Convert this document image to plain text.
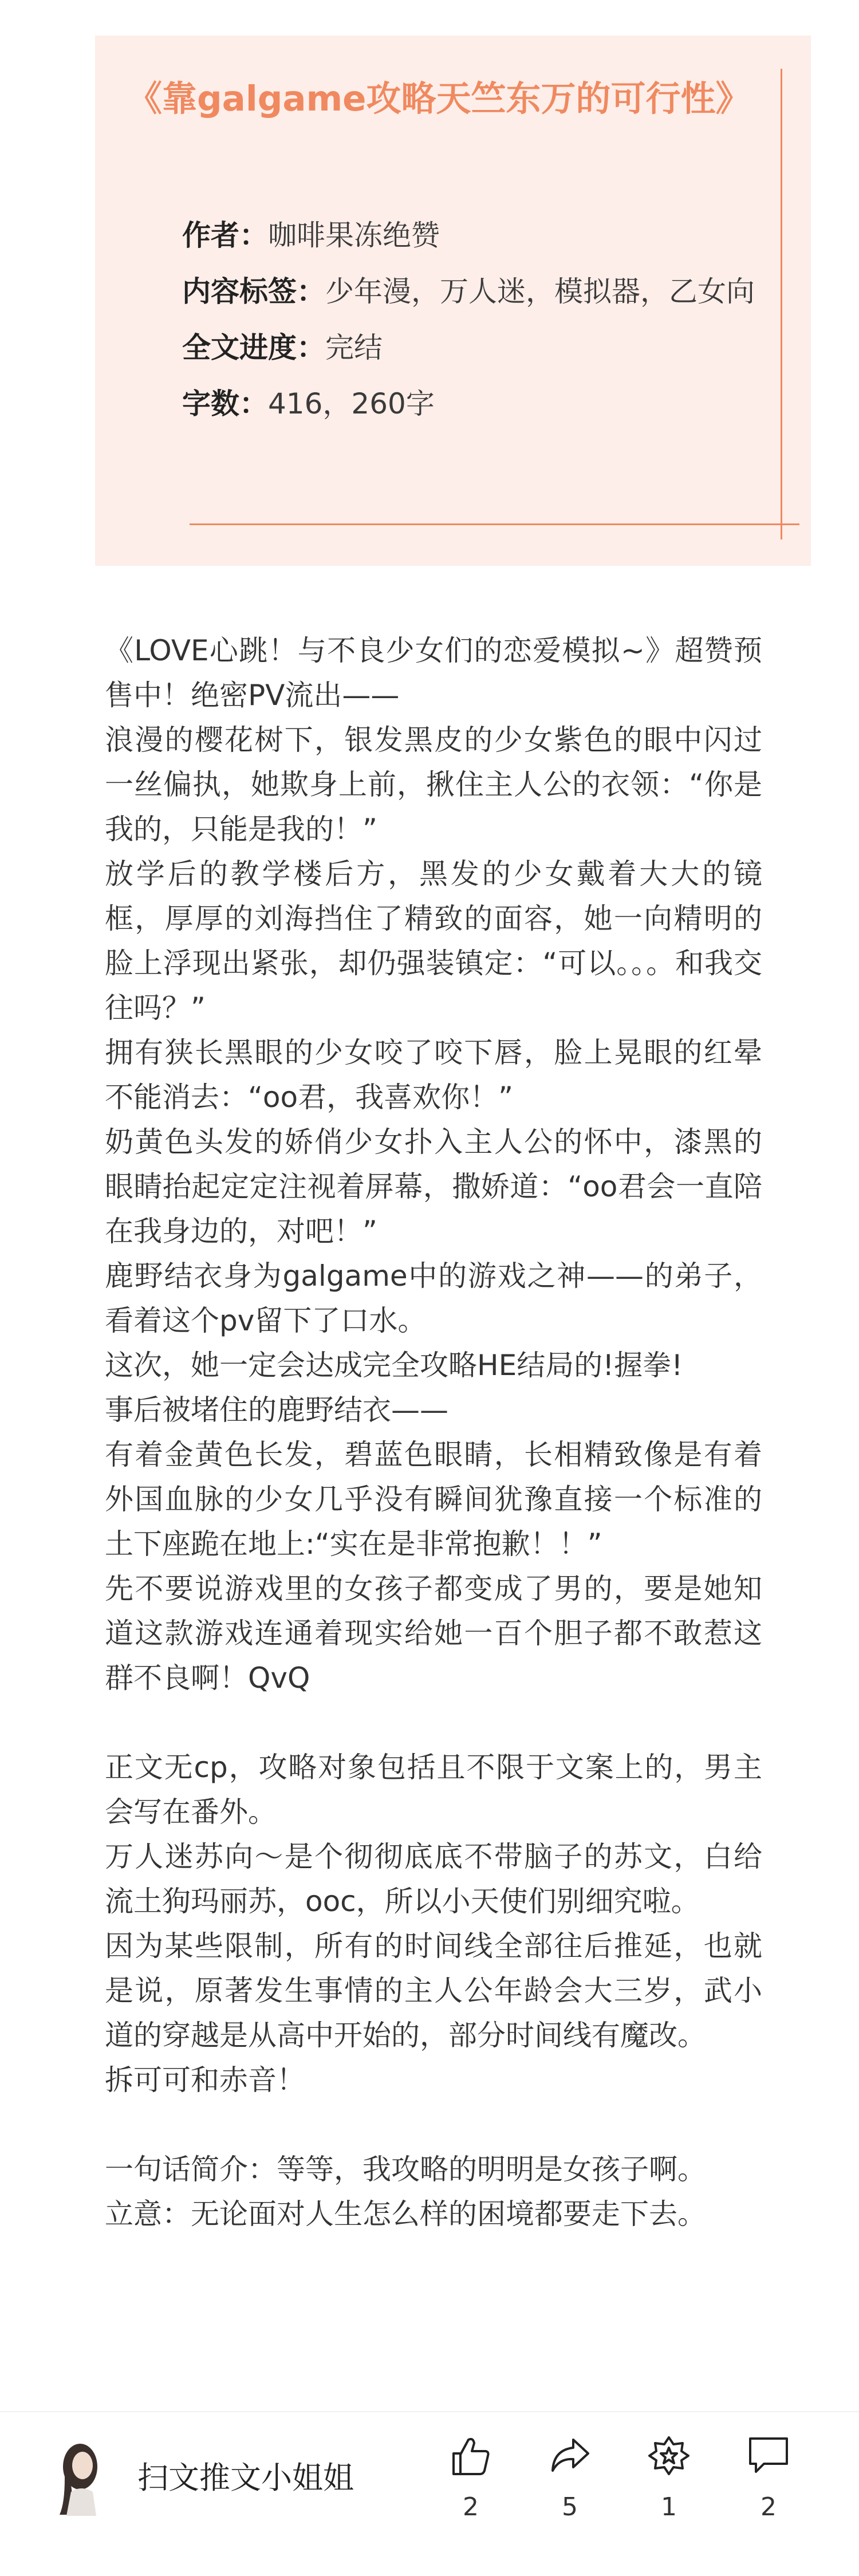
《靠galgame攻略天竺东万的可行性》
作者：咖啡果冻绝赞
内容标签：少年漫，万人迷，模拟器，乙女向
全文进度：完结
字数：416，260字

《LOVE心跳！与不良少女们的恋爱模拟~》超赞预售中！绝密PV流出——

浪漫的樱花树下，银发黑皮的少女紫色的眼中闪过一丝偏执，她欺身上前，揪住主人公的衣领：“你是我的，只能是我的！”

放学后的教学楼后方，黑发的少女戴着大大的镜框，厚厚的刘海挡住了精致的面容，她一向精明的脸上浮现出紧张，却仍强装镇定：“可以。。。和我交往吗？”

拥有狭长黑眼的少女咬了咬下唇，脸上晃眼的红晕不能消去：“oo君，我喜欢你！”

奶黄色头发的娇俏少女扑入主人公的怀中，漆黑的眼睛抬起定定注视着屏幕，撒娇道：“oo君会一直陪在我身边的，对吧！”

鹿野结衣身为galgame中的游戏之神——的弟子，看着这个pv留下了口水。

这次，她一定会达成完全攻略HE结局的!握拳!

事后被堵住的鹿野结衣——

有着金黄色长发，碧蓝色眼睛，长相精致像是有着外国血脉的少女几乎没有瞬间犹豫直接一个标准的土下座跪在地上:“实在是非常抱歉！！”

先不要说游戏里的女孩子都变成了男的，要是她知道这款游戏连通着现实给她一百个胆子都不敢惹这群不良啊！QvQ

正文无cp，攻略对象包括且不限于文案上的，男主会写在番外。

万人迷苏向～是个彻彻底底不带脑子的苏文，白给流土狗玛丽苏，ooc，所以小天使们别细究啦。

因为某些限制，所有的时间线全部往后推延，也就是说，原著发生事情的主人公年龄会大三岁，武小道的穿越是从高中开始的，部分时间线有魔改。

拆可可和赤音！

一句话简介：等等，我攻略的明明是女孩子啊。

立意：无论面对人生怎么样的困境都要走下去。

扫文推文小姐姐
2	5	1	2
